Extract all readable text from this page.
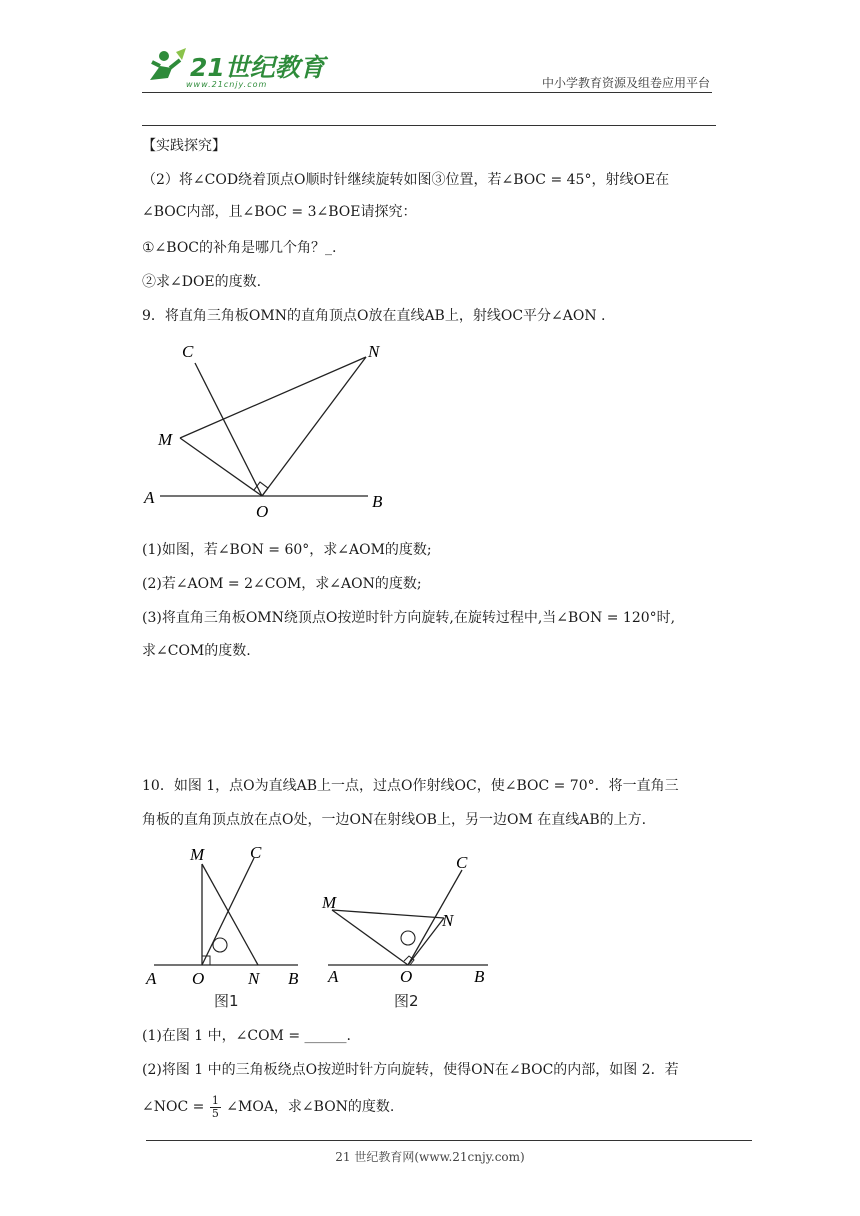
21世纪教育
www.21cnjy.com	中小学教育资源及组卷应用平台
【实践探究】
（2）将∠COD绕着顶点O顺时针继续旋转如图③位置，若∠BOC = 45°，射线OE在
∠BOC内部，且∠BOC = 3∠BOE请探究：
①∠BOC的补角是哪几个角？_.
②求∠DOE的度数.
9．将直角三角板OMN的直角顶点O放在直线AB上，射线OC平分∠AON .
C	N
M
A
O
B
(1)如图，若∠BON = 60°，求∠AOM的度数;
(2)若∠AOM = 2∠COM，求∠AON的度数;
(3)将直角三角板OMN绕顶点O按逆时针方向旋转,在旋转过程中,当∠BON = 120°时,
求∠COM的度数.
10．如图 1，点O为直线AB上一点，过点O作射线OC，使∠BOC = 70°．将一直角三
角板的直角顶点放在点O处，一边ON在射线OB上，另一边OM 在直线AB的上方.
M	C
A O	N B
图1
M
C
N
A	O	B
图2
(1)在图 1 中，∠COM = ______.
(2)将图 1 中的三角板绕点O按逆时针方向旋转，使得ON在∠BOC的内部，如图 2．若
∠NOC = $\frac{1}{5}$ ∠MOA，求∠BON的度数.
21 世纪教育网(www.21cnjy.com)
